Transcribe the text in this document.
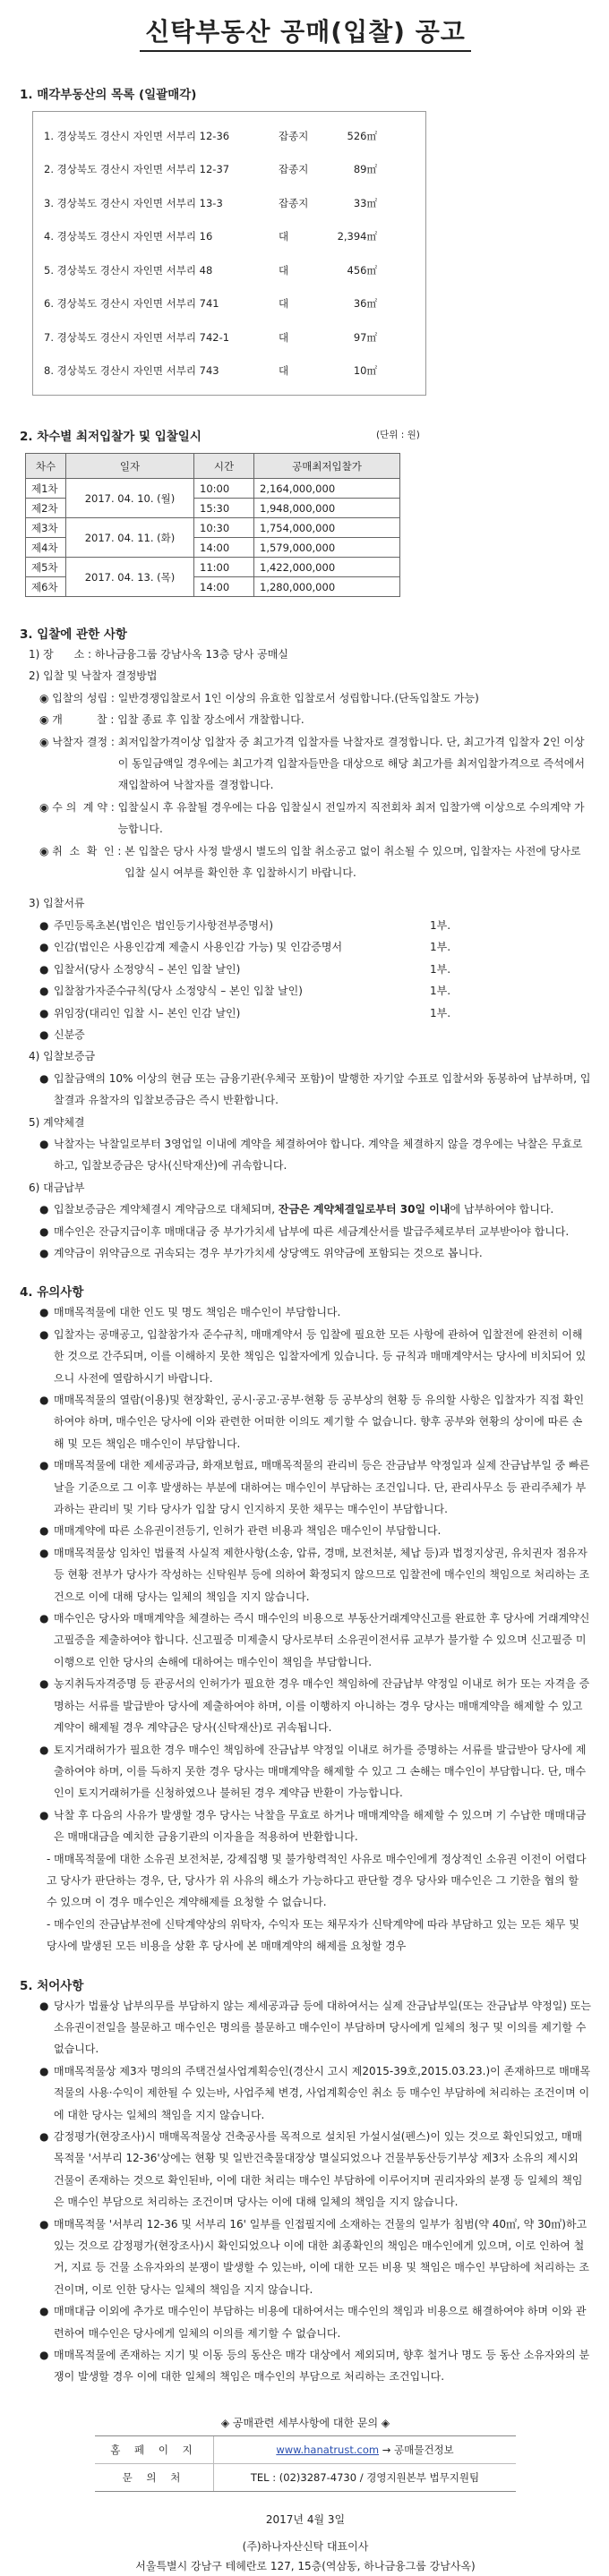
신탁부동산 공매(입찰) 공고
1. 매각부동산의 목록 (일괄매각)
1. 경상북도 경산시 자인면 서부리 12-36	잡종지	526㎡
2. 경상북도 경산시 자인면 서부리 12-37	잡종지	89㎡
3. 경상북도 경산시 자인면 서부리 13-3	잡종지	33㎡
4. 경상북도 경산시 자인면 서부리 16	대	2,394㎡
5. 경상북도 경산시 자인면 서부리 48	대	456㎡
6. 경상북도 경산시 자인면 서부리 741	대	36㎡
7. 경상북도 경산시 자인면 서부리 742-1	대	97㎡
8. 경상북도 경산시 자인면 서부리 743	대	10㎡
2. 차수별 최저입찰가 및 입찰일시	(단위 : 원)
차수	일자	시간	공매최저입찰가
제1차	2017. 04. 10. (월)	10:00	2,164,000,000
제2차		15:30	1,948,000,000
제3차	2017. 04. 11. (화)	10:30	1,754,000,000
제4차		14:00	1,579,000,000
제5차	2017. 04. 13. (목)	11:00	1,422,000,000
제6차		14:00	1,280,000,000
3. 입찰에 관한 사항
1) 장      소 : 하나금융그룹 강남사옥 13층 당사 공매실
2) 입찰 및 낙찰자 결정방법
◉ 입찰의 성립 : 일반경쟁입찰로서 1인 이상의 유효한 입찰로서 성립합니다.(단독입찰도 가능)
◉ 개          찰 : 입찰 종료 후 입찰 장소에서 개찰합니다.
◉ 낙찰자 결정 : 최저입찰가격이상 입찰자 중 최고가격 입찰자를 낙찰자로 결정합니다. 단, 최고가격 입찰자 2인 이상이 동일금액일 경우에는 최고가격 입찰자들만을 대상으로 해당 최고가를 최저입찰가격으로 즉석에서 재입찰하여 낙찰자를 결정합니다.
◉ 수 의  계 약 : 입찰실시 후 유찰될 경우에는 다음 입찰실시 전일까지 직전회차 최저 입찰가액 이상으로 수의계약 가능합니다.
◉ 취  소  확  인 : 본 입찰은 당사 사정 발생시 별도의 입찰 취소공고 없이 취소될 수 있으며, 입찰자는 사전에 당사로 입찰 실시 여부를 확인한 후 입찰하시기 바랍니다.
3) 입찰서류
● 주민등록초본(법인은 법인등기사항전부증명서)	1부.
● 인감(법인은 사용인감계 제출시 사용인감 가능) 및 인감증명서	1부.
● 입찰서(당사 소정양식 – 본인 입찰 날인)	1부.
● 입찰참가자준수규칙(당사 소정양식 – 본인 입찰 날인)	1부.
● 위임장(대리인 입찰 시– 본인 인감 날인)	1부.
● 신분증
4) 입찰보증금
● 입찰금액의 10% 이상의 현금 또는 금융기관(우체국 포함)이 발행한 자기앞 수표로 입찰서와 동봉하여 납부하며, 입찰결과 유찰자의 입찰보증금은 즉시 반환합니다.
5) 계약체결
● 낙찰자는 낙찰일로부터 3영업일 이내에 계약을 체결하여야 합니다. 계약을 체결하지 않을 경우에는 낙찰은 무효로 하고, 입찰보증금은 당사(신탁재산)에 귀속합니다.
6) 대금납부
● 입찰보증금은 계약체결시 계약금으로 대체되며, 잔금은 계약체결일로부터 30일 이내에 납부하여야 합니다.
● 매수인은 잔금지급이후 매매대금 중 부가가치세 납부에 따른 세금계산서를 발급주체로부터 교부받아야 합니다.
● 계약금이 위약금으로 귀속되는 경우 부가가치세 상당액도 위약금에 포함되는 것으로 봅니다.
4. 유의사항
● 매매목적물에 대한 인도 및 명도 책임은 매수인이 부담합니다.
● 입찰자는 공매공고, 입찰참가자 준수규칙, 매매계약서 등 입찰에 필요한 모든 사항에 관하여 입찰전에 완전히 이해한 것으로 간주되며, 이를 이해하지 못한 책임은 입찰자에게 있습니다. 등 규칙과 매매계약서는 당사에 비치되어 있으니 사전에 열람하시기 바랍니다.
● 매매목적물의 열람(이용)및 현장확인, 공시·공고·공부·현황 등 공부상의 현황 등 유의할 사항은 입찰자가 직접 확인하여야 하며, 매수인은 당사에 이와 관련한 어떠한 이의도 제기할 수 없습니다. 향후 공부와 현황의 상이에 따른 손해 및 모든 책임은 매수인이 부담합니다.
● 매매목적물에 대한 제세공과금, 화재보험료, 매매목적물의 관리비 등은 잔금납부 약정일과 실제 잔금납부일 중 빠른 날을 기준으로 그 이후 발생하는 부분에 대하여는 매수인이 부담하는 조건입니다. 단, 관리사무소 등 관리주체가 부과하는 관리비 및 기타 당사가 입찰 당시 인지하지 못한 채무는 매수인이 부담합니다.
● 매매계약에 따른 소유권이전등기, 인허가 관련 비용과 책임은 매수인이 부담합니다.
● 매매목적물상 임차인 법률적 사실적 제한사항(소송, 압류, 경매, 보전처분, 체납 등)과 법정지상권, 유치권자 점유자 등 현황 전부가 당사가 작성하는 신탁원부 등에 의하여 확정되지 않으므로 입찰전에 매수인의 책임으로 처리하는 조건으로 이에 대해 당사는 일체의 책임을 지지 않습니다.
● 매수인은 당사와 매매계약을 체결하는 즉시 매수인의 비용으로 부동산거래계약신고를 완료한 후 당사에 거래계약신고필증을 제출하여야 합니다. 신고필증 미제출시 당사로부터 소유권이전서류 교부가 불가할 수 있으며 신고필증 미이행으로 인한 당사의 손해에 대하여는 매수인이 책임을 부담합니다.
● 농지취득자격증명 등 관공서의 인허가가 필요한 경우 매수인 책임하에 잔금납부 약정일 이내로 허가 또는 자격을 증명하는 서류를 발급받아 당사에 제출하여야 하며, 이를 이행하지 아니하는 경우 당사는 매매계약을 해제할 수 있고 계약이 해제될 경우 계약금은 당사(신탁재산)로 귀속됩니다.
● 토지거래허가가 필요한 경우 매수인 책임하에 잔금납부 약정일 이내로 허가를 증명하는 서류를 발급받아 당사에 제출하여야 하며, 이를 득하지 못한 경우 당사는 매매계약을 해제할 수 있고 그 손해는 매수인이 부담합니다. 단, 매수인이 토지거래허가를 신청하였으나 불허된 경우 계약금 반환이 가능합니다.
● 낙찰 후 다음의 사유가 발생할 경우 당사는 낙찰을 무효로 하거나 매매계약을 해제할 수 있으며 기 수납한 매매대금은 매매대금을 예치한 금융기관의 이자율을 적용하여 반환합니다.
- 매매목적물에 대한 소유권 보전처분, 강제집행 및 불가항력적인 사유로 매수인에게 정상적인 소유권 이전이 어렵다고 당사가 판단하는 경우, 단, 당사가 위 사유의 해소가 가능하다고 판단할 경우 당사와 매수인은 그 기한을 협의 할 수 있으며 이 경우 매수인은 계약해제를 요청할 수 없습니다.
- 매수인의 잔금납부전에 신탁계약상의 위탁자, 수익자 또는 채무자가 신탁계약에 따라 부담하고 있는 모든 채무 및 당사에 발생된 모든 비용을 상환 후 당사에 본 매매계약의 해제를 요청할 경우
5. 처어사항
● 당사가 법률상 납부의무를 부담하지 않는 제세공과금 등에 대하여서는 실제 잔금납부일(또는 잔금납부 약정일) 또는 소유권이전일을 불문하고 매수인은 명의를 불문하고 매수인이 부담하며 당사에게 일체의 청구 및 이의를 제기할 수 없습니다.
● 매매목적물상 제3자 명의의 주택건설사업계획승인(경산시 고시 제2015-39호,2015.03.23.)이 존재하므로 매매목적물의 사용·수익이 제한될 수 있는바, 사업주체 변경, 사업계획승인 취소 등 매수인 부담하에 처리하는 조건이며 이에 대한 당사는 일체의 책임을 지지 않습니다.
● 감정평가(현장조사)시 매매목적물상 건축공사를 목적으로 설치된 가설시설(펜스)이 있는 것으로 확인되었고, 매매목적물 '서부리 12-36'상에는 현황 및 일반건축물대장상 멸실되었으나 건물부동산등기부상 제3자 소유의 제시외 건물이 존재하는 것으로 확인된바, 이에 대한 처리는 매수인 부담하에 이루어지며 권리자와의 분쟁 등 일체의 책임은 매수인 부담으로 처리하는 조건이며 당사는 이에 대해 일체의 책임을 지지 않습니다.
● 매매목적물 '서부리 12-36 및 서부리 16' 일부를 인접필지에 소재하는 건물의 일부가 침범(약 40㎡, 약 30㎡)하고 있는 것으로 감정평가(현장조사)시 확인되었으나 이에 대한 최종확인의 책임은 매수인에게 있으며, 이로 인하여 철거, 지료 등 건물 소유자와의 분쟁이 발생할 수 있는바, 이에 대한 모든 비용 및 책임은 매수인 부담하에 처리하는 조건이며, 이로 인한 당사는 일체의 책임을 지지 않습니다.
● 매매대금 이외에 추가로 매수인이 부담하는 비용에 대하여서는 매수인의 책임과 비용으로 해결하여야 하며 이와 관련하여 매수인은 당사에게 일체의 이의를 제기할 수 없습니다.
● 매매목적물에 존재하는 지기 및 이동 등의 동산은 매각 대상에서 제외되며, 향후 철거나 명도 등 동산 소유자와의 분쟁이 발생할 경우 이에 대한 일체의 책임은 매수인의 부담으로 처리하는 조건입니다.
◈ 공매관련 세부사항에 대한 문의 ◈
홈 페 이 지	www.hanatrust.com → 공매물건정보
문 의 처	TEL : (02)3287-4730 / 경영지원본부 법무지원팀
2017년 4월 3일
(주)하나자산신탁 대표이사
서울특별시 강남구 테헤란로 127, 15층(역삼동, 하나금융그룹 강남사옥)
